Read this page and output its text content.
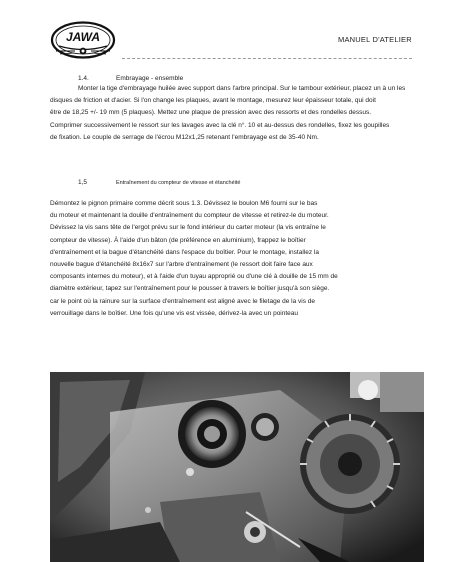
JAWA	MANUEL D'ATELIER
1.4.	Embrayage - ensemble
Monter la tige d'embrayage huilée avec support dans l'arbre principal. Sur le tambour extérieur, placez un à un les
disques de friction et d'acier. Si l'on change les plaques, avant le montage, mesurez leur épaisseur totale, qui doit
être de 18,25 +/- 19 mm (5 plaques). Mettez une plaque de pression avec des ressorts et des rondelles dessus.
Comprimer successivement le ressort sur les lavages avec la clé n°. 10 et au-dessus des rondelles, fixez les goupilles
de fixation. Le couple de serrage de l'écrou M12x1,25 retenant l'embrayage est de 35-40 Nm.
1,5	Entraînement du compteur de vitesse et étanchéité
Démontez le pignon primaire comme décrit sous 1.3. Dévissez le boulon M6 fourni sur le bas
du moteur et maintenant la douille d'entraînement du compteur de vitesse et retirez-le du moteur.
Dévissez la vis sans tête de l'ergot prévu sur le fond intérieur du carter moteur (la vis entraîne le
compteur de vitesse). À l'aide d'un bâton (de préférence en aluminium), frappez le boîtier
d'entraînement et la bague d'étanchéité dans l'espace du boîtier. Pour le montage, installez la
nouvelle bague d'étanchéité 8x16x7 sur l'arbre d'entraînement (le ressort doit faire face aux
composants internes du moteur), et à l'aide d'un tuyau approprié ou d'une clé à douille de 15 mm de
diamètre extérieur, tapez sur l'entraînement pour le pousser à travers le boîtier jusqu'à son siège.
car le point où la rainure sur la surface d'entraînement est aligné avec le filetage de la vis de
verrouillage dans le boîtier. Une fois qu'une vis est vissée, dérivez-la avec un pointeau
